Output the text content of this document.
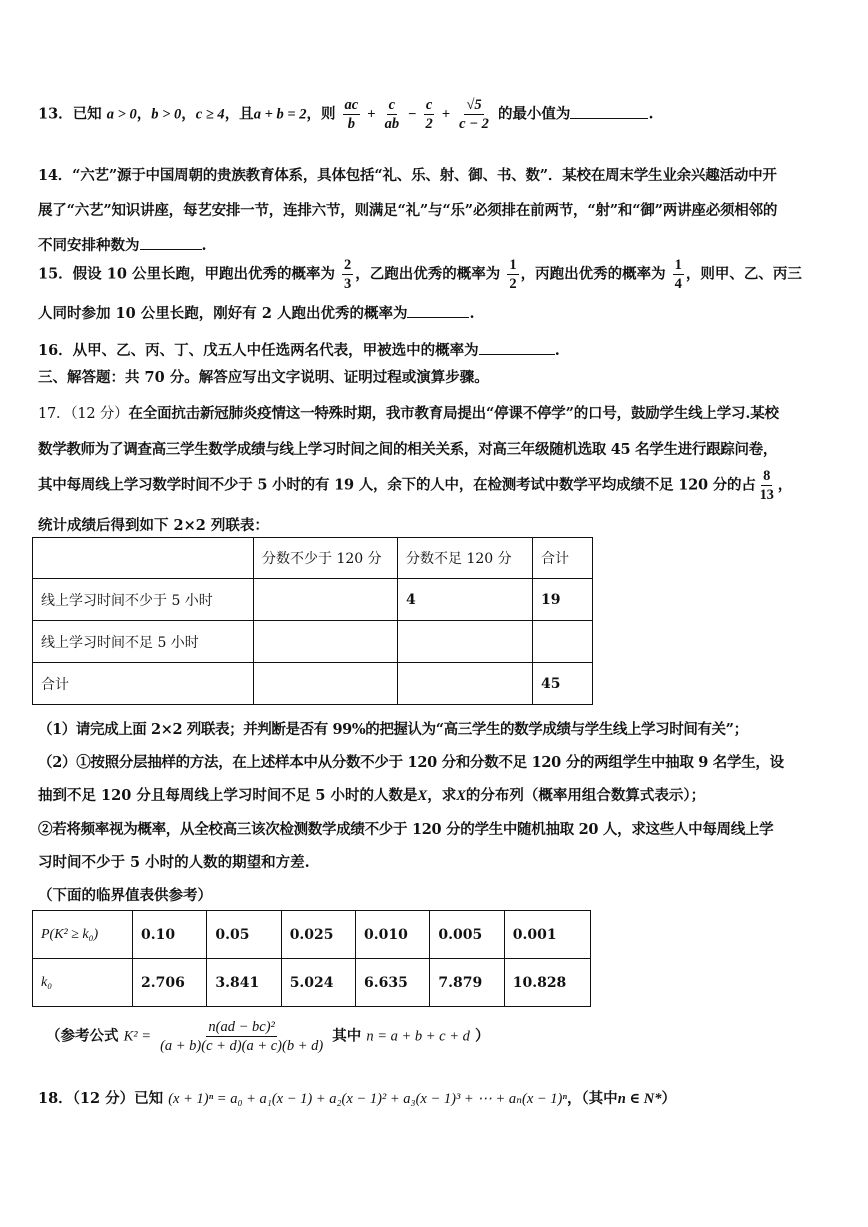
13．已知 a > 0，b > 0，c ≥ 4，且a + b = 2，则 $\frac{ac}{b} + \frac{c}{ab} - \frac{c}{2} + \frac{√5}{c - 2}$ 的最小值为	.
14．“六艺”源于中国周朝的贵族教育体系，具体包括“礼、乐、射、御、书、数”．某校在周末学生业余兴趣活动中开
展了“六艺”知识讲座，每艺安排一节，连排六节，则满足“礼”与“乐”必须排在前两节，“射”和“御”两讲座必须相邻的
不同安排种数为	.
15．假设 10 公里长跑，甲跑出优秀的概率为 $\frac{2}{3}$ ，乙跑出优秀的概率为 $\frac{1}{2}$ ，丙跑出优秀的概率为 $\frac{1}{4}$ ，则甲、乙、丙三
人同时参加 10 公里长跑，刚好有 2 人跑出优秀的概率为	.
16．从甲、乙、丙、丁、戊五人中任选两名代表，甲被选中的概率为	.
三、解答题：共 70 分。解答应写出文字说明、证明过程或演算步骤。
17．（12 分）在全面抗击新冠肺炎疫情这一特殊时期，我市教育局提出“停课不停学”的口号，鼓励学生线上学习.某校
数学教师为了调查高三学生数学成绩与线上学习时间之间的相关关系，对高三年级随机选取 45 名学生进行跟踪问卷，
其中每周线上学习数学时间不少于 5 小时的有 19 人，余下的人中，在检测考试中数学平均成绩不足 120 分的占 $\frac{8}{13}$ ，
统计成绩后得到如下 2×2 列联表：
	分数不少于 120 分	分数不足 120 分	合计
线上学习时间不少于 5 小时		4	19
线上学习时间不足 5 小时			
合计			45
（1）请完成上面 2×2 列联表；并判断是否有 99%的把握认为“高三学生的数学成绩与学生线上学习时间有关”；
（2）①按照分层抽样的方法，在上述样本中从分数不少于 120 分和分数不足 120 分的两组学生中抽取 9 名学生，设
抽到不足 120 分且每周线上学习时间不足 5 小时的人数是X，求X的分布列（概率用组合数算式表示）；
②若将频率视为概率，从全校高三该次检测数学成绩不少于 120 分的学生中随机抽取 20 人，求这些人中每周线上学
习时间不少于 5 小时的人数的期望和方差.
（下面的临界值表供参考）
P(K² ≥ k₀)	0.10	0.05	0.025	0.010	0.005	0.001
k₀	2.706	3.841	5.024	6.635	7.879	10.828
（参考公式 $K^2 = \frac{\text{n(ad − bc)²}}{(a + b)(c + d)(a + c)(b + d)}$ 其中 n = a + b + c + d ）
18．（12 分）已知 (x + 1)ⁿ = a₀ + a₁(x − 1) + a₂(x − 1)² + a₃(x − 1)³ + ⋯ + aₙ(x − 1)ⁿ，（其中n ∈ N*）
